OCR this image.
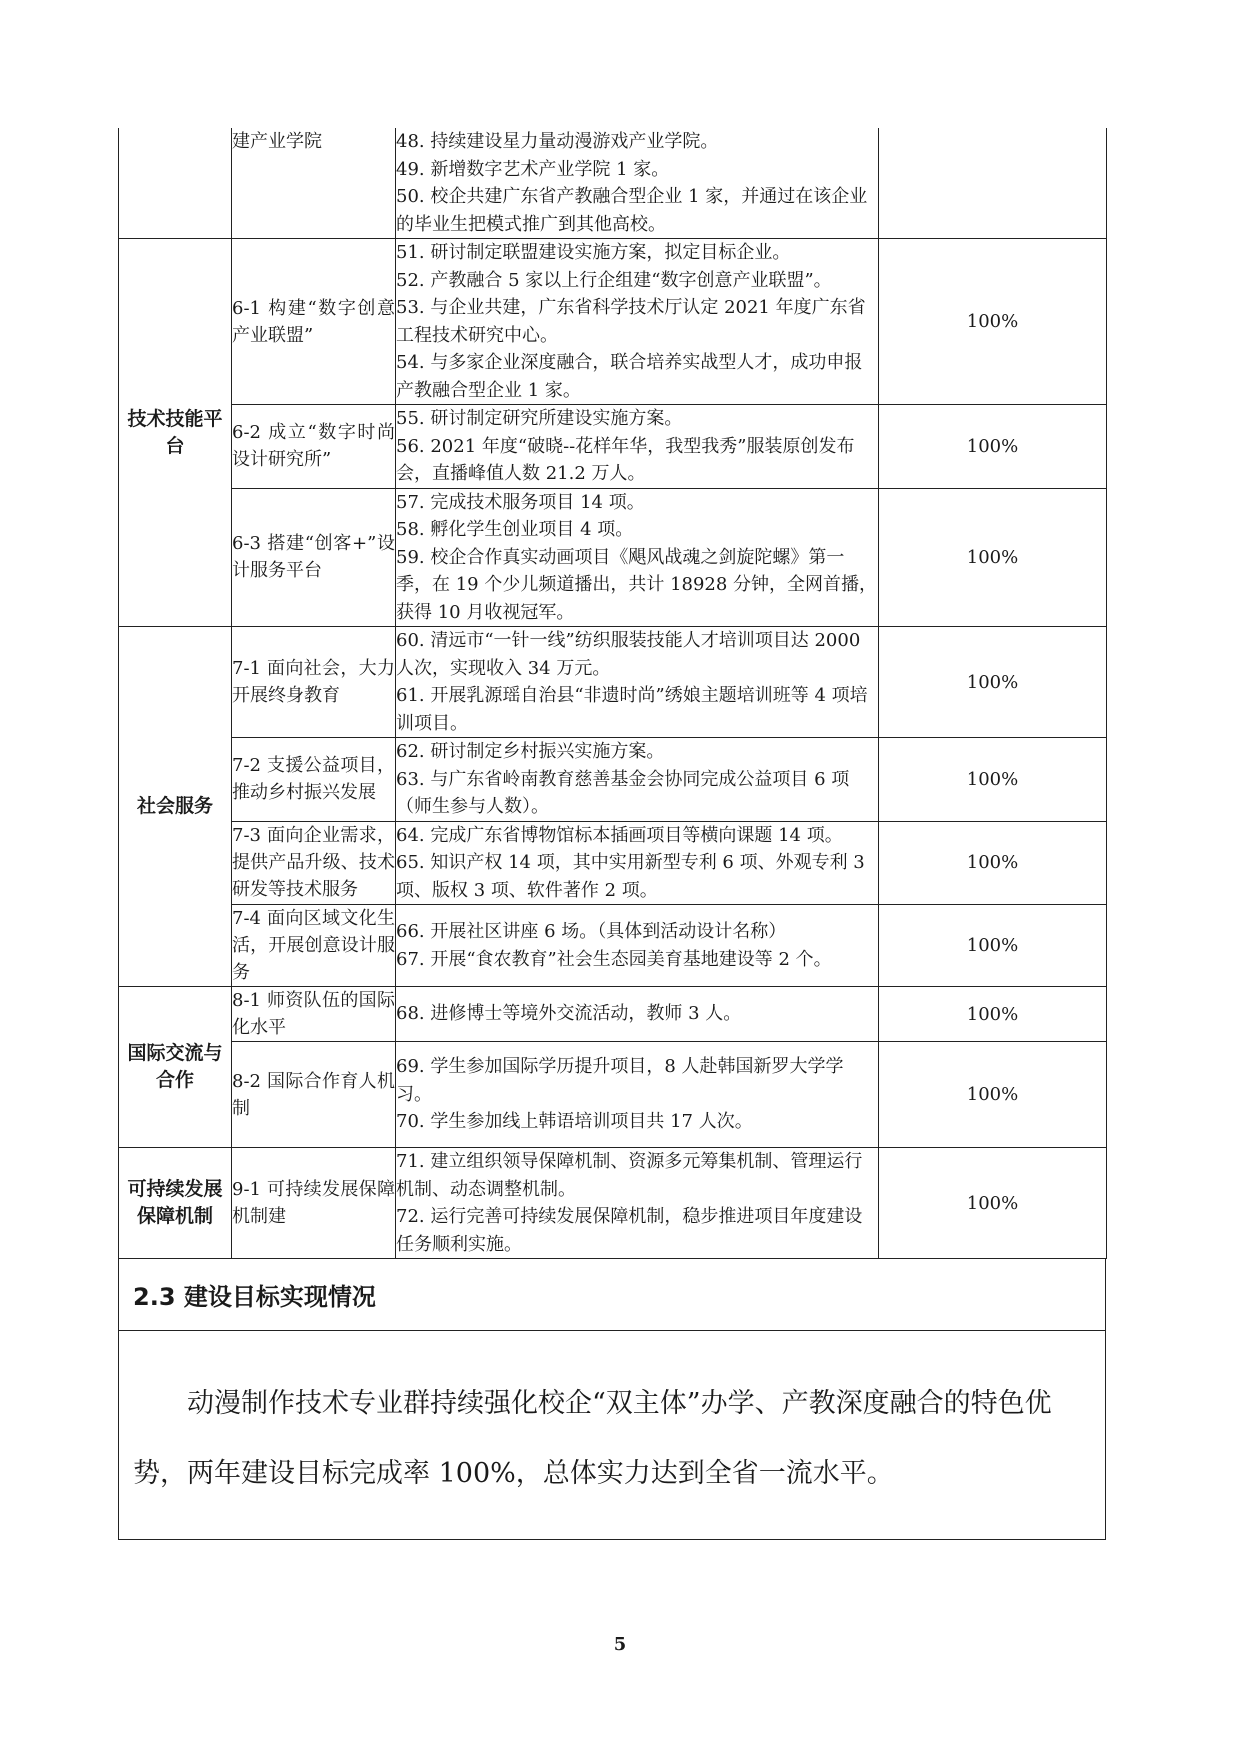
	建产业学院	48. 持续建设星力量动漫游戏产业学院。
49. 新增数字艺术产业学院 1 家。
50. 校企共建广东省产教融合型企业 1 家，并通过在该企业的毕业生把模式推广到其他高校。	

技术技能平台	6-1 构建“数字创意产业联盟”	51. 研讨制定联盟建设实施方案，拟定目标企业。
52. 产教融合 5 家以上行企组建“数字创意产业联盟”。
53. 与企业共建，广东省科学技术厅认定 2021 年度广东省工程技术研究中心。
54. 与多家企业深度融合，联合培养实战型人才，成功申报产教融合型企业 1 家。	100%
	6-2 成立“数字时尚设计研究所”	55. 研讨制定研究所建设实施方案。
56. 2021 年度“破晓--花样年华，我型我秀”服装原创发布会，直播峰值人数 21.2 万人。	100%
	6-3 搭建“创客+”设计服务平台	57. 完成技术服务项目 14 项。
58. 孵化学生创业项目 4 项。
59. 校企合作真实动画项目《飓风战魂之剑旋陀螺》第一季，在 19 个少儿频道播出，共计 18928 分钟，全网首播，获得 10 月收视冠军。	100%
社会服务	7-1 面向社会，大力开展终身教育	60. 清远市“一针一线”纺织服装技能人才培训项目达 2000 人次，实现收入 34 万元。
61. 开展乳源瑶自治县“非遗时尚”绣娘主题培训班等 4 项培训项目。	100%
	7-2 支援公益项目，推动乡村振兴发展	62. 研讨制定乡村振兴实施方案。
63. 与广东省岭南教育慈善基金会协同完成公益项目 6 项（师生参与人数）。	100%
	7-3 面向企业需求，提供产品升级、技术研发等技术服务	64. 完成广东省博物馆标本插画项目等横向课题 14 项。
65. 知识产权 14 项，其中实用新型专利 6 项、外观专利 3 项、版权 3 项、软件著作 2 项。	100%
	7-4 面向区域文化生活，开展创意设计服务	66. 开展社区讲座 6 场。（具体到活动设计名称）
67. 开展“食农教育”社会生态园美育基地建设等 2 个。	100%
国际交流与合作	8-1 师资队伍的国际化水平	68. 进修博士等境外交流活动，教师 3 人。	100%
	8-2 国际合作育人机制	69. 学生参加国际学历提升项目，8 人赴韩国新罗大学学习。
70. 学生参加线上韩语培训项目共 17 人次。	100%
可持续发展保障机制	9-1 可持续发展保障机制建	71. 建立组织领导保障机制、资源多元筹集机制、管理运行机制、动态调整机制。
72. 运行完善可持续发展保障机制，稳步推进项目年度建设任务顺利实施。	100%
2.3 建设目标实现情况
动漫制作技术专业群持续强化校企“双主体”办学、产教深度融合的特色优势，两年建设目标完成率 100%，总体实力达到全省一流水平。
5
